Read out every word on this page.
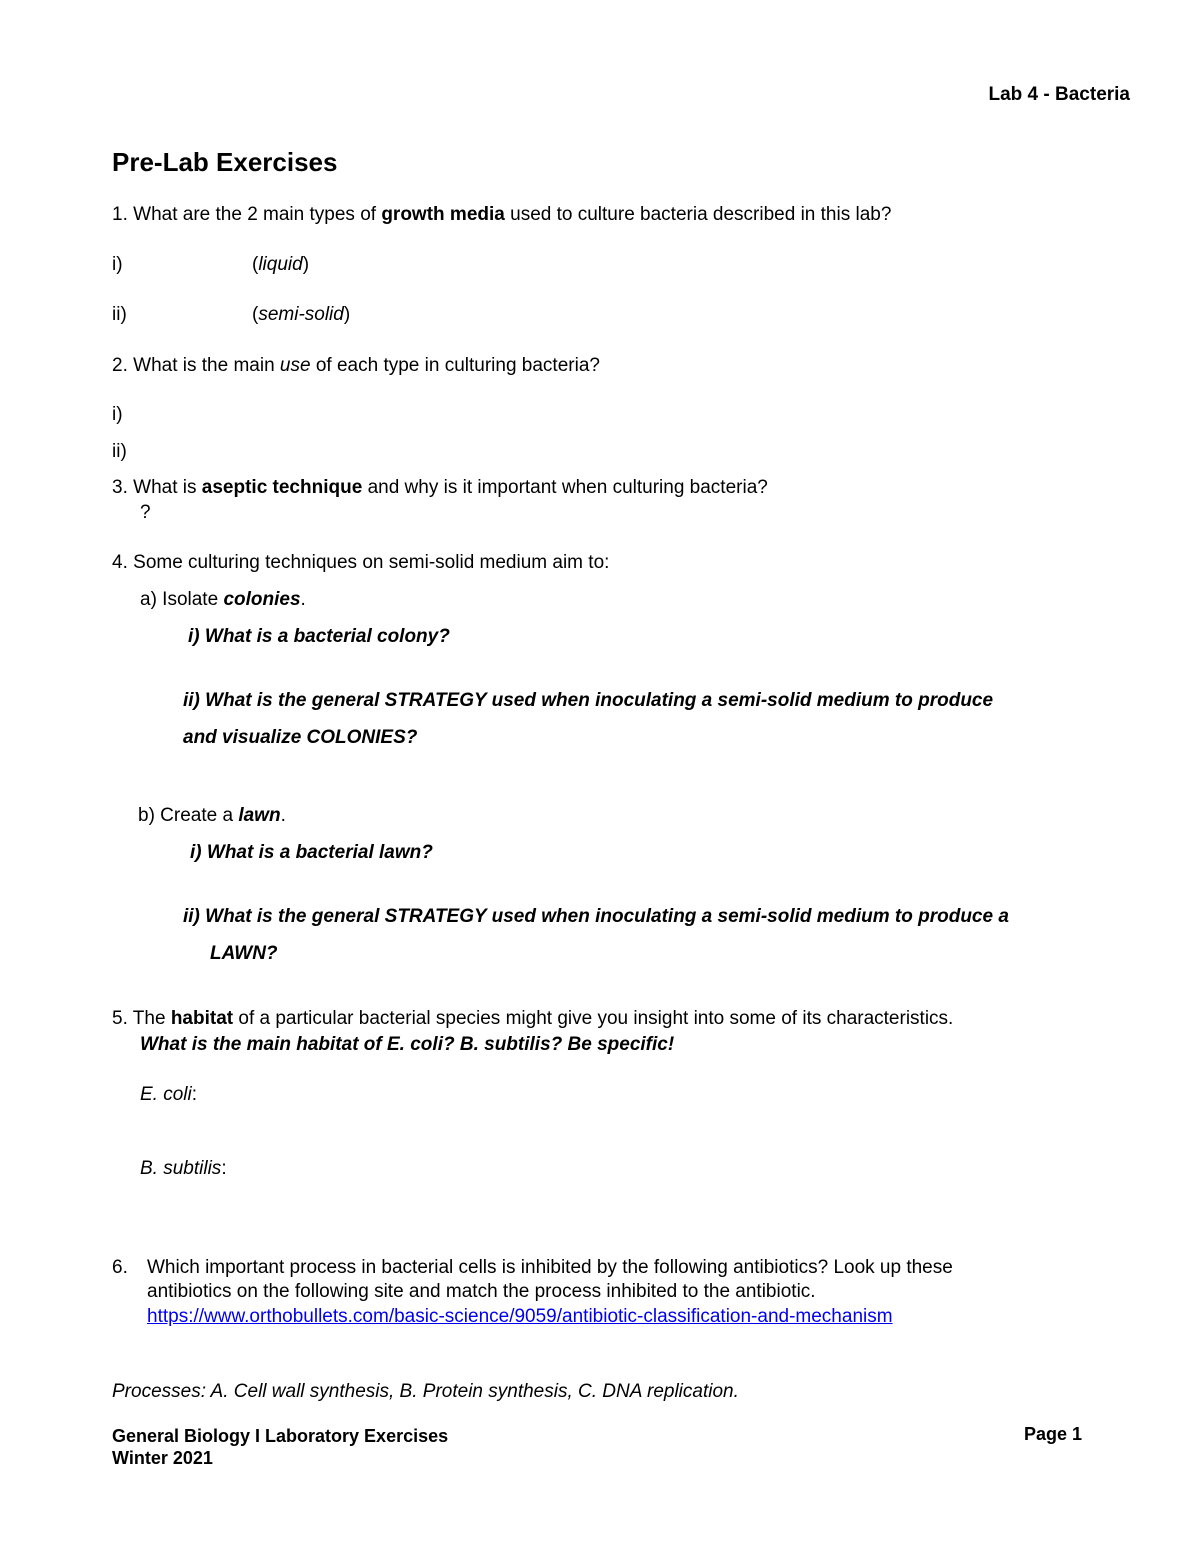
Lab 4 - Bacteria
Pre-Lab Exercises
1. What are the 2 main types of growth media used to culture bacteria described in this lab?
i)	(liquid)
ii)	(semi-solid)
2. What is the main use of each type in culturing bacteria?
i)
ii)
3. What is aseptic technique and why is it important when culturing bacteria?
?
4. Some culturing techniques on semi-solid medium aim to:
a) Isolate colonies.
i) What is a bacterial colony?
ii) What is the general STRATEGY used when inoculating a semi-solid medium to produce
and visualize COLONIES?
b) Create a lawn.
i) What is a bacterial lawn?
ii) What is the general STRATEGY used when inoculating a semi-solid medium to produce a
LAWN?
5. The habitat of a particular bacterial species might give you insight into some of its characteristics.
What is the main habitat of E. coli? B. subtilis? Be specific!
E. coli:
B. subtilis:
6. Which important process in bacterial cells is inhibited by the following antibiotics? Look up these
antibiotics on the following site and match the process inhibited to the antibiotic.
https://www.orthobullets.com/basic-science/9059/antibiotic-classification-and-mechanism
Processes: A. Cell wall synthesis, B. Protein synthesis, C. DNA replication.
General Biology I Laboratory Exercises
Winter 2021
Page 1
